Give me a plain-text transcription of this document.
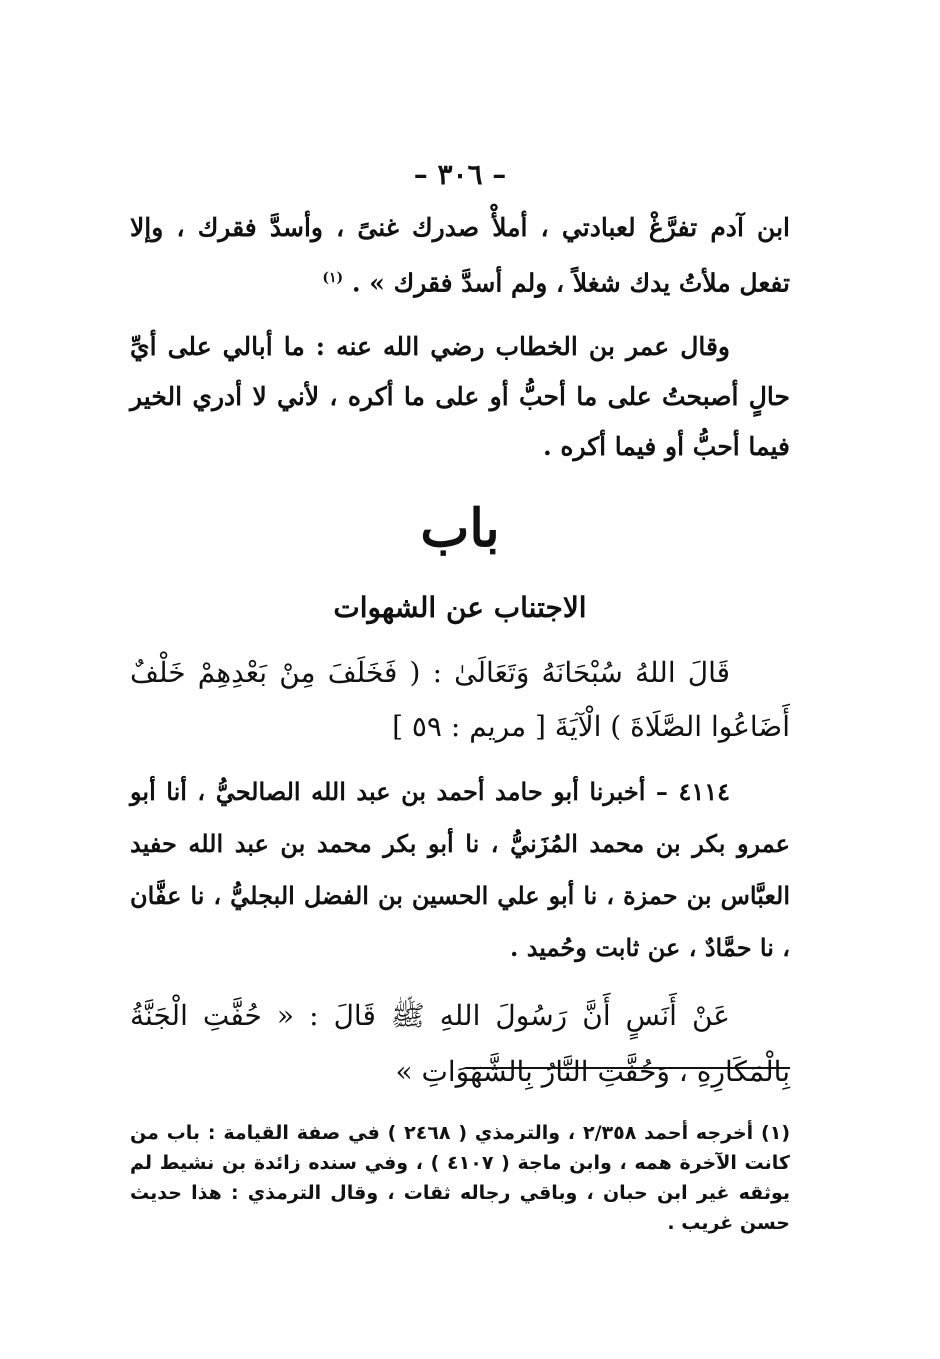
– ٣٠٦ –

ابن آدم تفرَّغْ لعبادتي ، أملأْ صدرك غنىً ، وأسدَّ فقرك ، وإلا تفعل ملأتُ يدك شغلاً ، ولم أسدَّ فقرك » . $^{(١)}$

وقال عمر بن الخطاب رضي الله عنه : ما أبالي على أيِّ حالٍ أصبحتُ على ما أحبُّ أو على ما أكره ، لأني لا أدري الخير فيما أحبُّ أو فيما أكره .

باب
الاجتناب عن الشهوات

قَالَ اللهُ سُبْحَانَهُ وَتَعَالَىٰ : ( فَخَلَفَ مِنْ بَعْدِهِمْ خَلْفٌ أَضَاعُوا الصَّلَاةَ ) الْآيَةَ [ مريم : ٥٩ ]

٤١١٤ – أخبرنا أبو حامد أحمد بن عبد الله الصالحيُّ ، أنا أبو عمرو بكر بن محمد المُزَنيُّ ، نا أبو بكر محمد بن عبد الله حفيد العبَّاس بن حمزة ، نا أبو علي الحسين بن الفضل البجليُّ ، نا عفَّان ، نا حمَّادٌ ، عن ثابت وحُميد .

عَنْ أَنَسٍ أَنَّ رَسُولَ اللهِ ﷺ قَالَ : « حُفَّتِ الْجَنَّةُ بِالْمَكَارِهِ ، وَحُفَّتِ النَّارُ بِالشَّهَوَاتِ »

(١) أخرجه أحمد ٢/٣٥٨ ، والترمذي ( ٢٤٦٨ ) في صفة القيامة : باب من كانت الآخرة همه ، وابن ماجة ( ٤١٠٧ ) ، وفي سنده زائدة بن نشيط لم يوثقه غير ابن حبان ، وباقي رجاله ثقات ، وقال الترمذي : هذا حديث حسن غريب .
